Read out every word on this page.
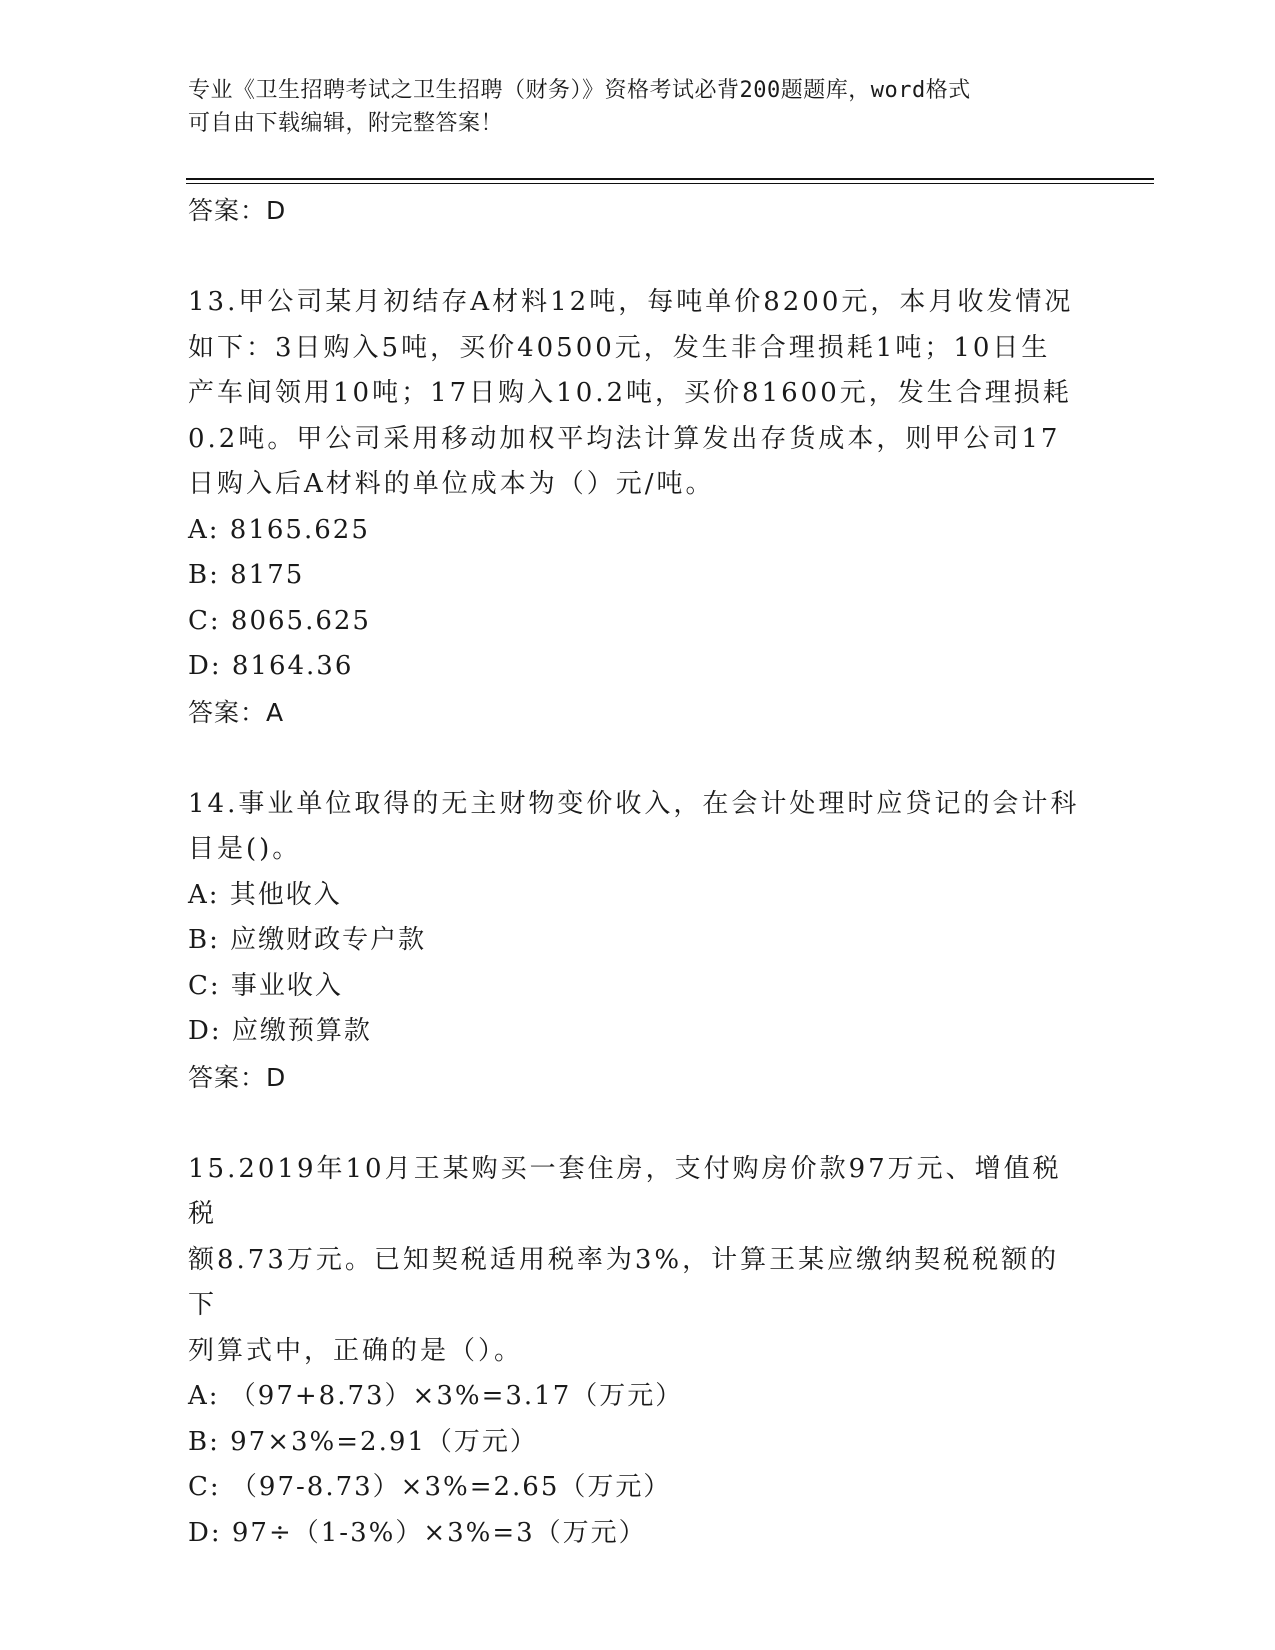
专业《卫生招聘考试之卫生招聘（财务）》资格考试必背200题题库，word格式
可自由下载编辑，附完整答案！

答案：D

13.甲公司某月初结存A材料12吨，每吨单价8200元，本月收发情况

如下：3日购入5吨，买价40500元，发生非合理损耗1吨；10日生

产车间领用10吨；17日购入10.2吨，买价81600元，发生合理损耗

0.2吨。甲公司采用移动加权平均法计算发出存货成本，则甲公司17

日购入后A材料的单位成本为（）元/吨。

A: 8165.625

B: 8175

C: 8065.625

D: 8164.36

答案：A

14.事业单位取得的无主财物变价收入，在会计处理时应贷记的会计科

目是()。

A: 其他收入

B: 应缴财政专户款

C: 事业收入

D: 应缴预算款

答案：D

15.2019年10月王某购买一套住房，支付购房价款97万元、增值税税

额8.73万元。已知契税适用税率为3%，计算王某应缴纳契税税额的下

列算式中，正确的是（）。

A: （97+8.73）×3%=3.17（万元）

B: 97×3%=2.91（万元）

C: （97-8.73）×3%=2.65（万元）

D: 97÷（1-3%）×3%=3（万元）
